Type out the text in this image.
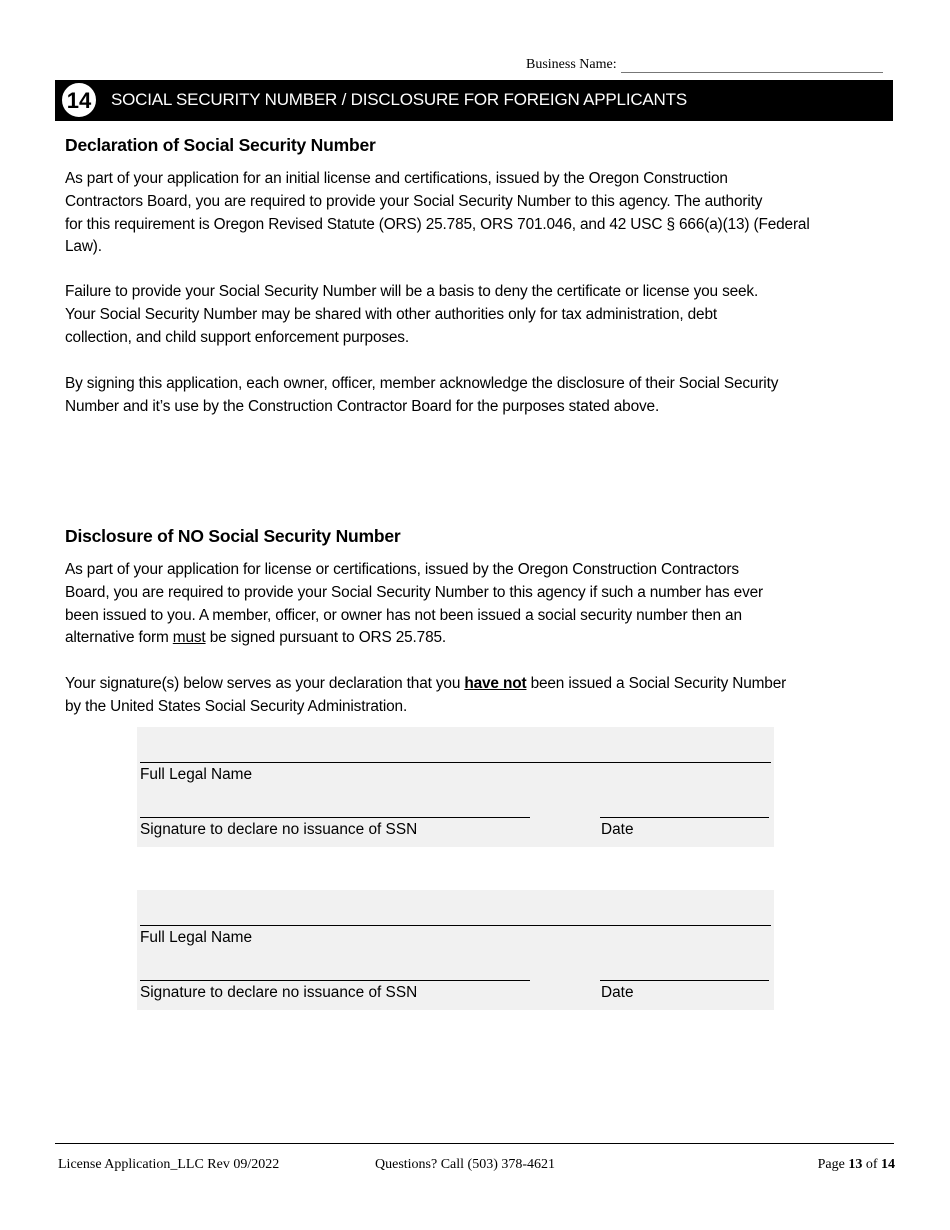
Business Name:
14	SOCIAL SECURITY NUMBER / DISCLOSURE FOR FOREIGN APPLICANTS
Declaration of Social Security Number
As part of your application for an initial license and certifications, issued by the Oregon Construction
Contractors Board, you are required to provide your Social Security Number to this agency. The authority
for this requirement is Oregon Revised Statute (ORS) 25.785, ORS 701.046, and 42 USC § 666(a)(13) (Federal
Law).
Failure to provide your Social Security Number will be a basis to deny the certificate or license you seek.
Your Social Security Number may be shared with other authorities only for tax administration, debt
collection, and child support enforcement purposes.
By signing this application, each owner, officer, member acknowledge the disclosure of their Social Security
Number and it’s use by the Construction Contractor Board for the purposes stated above.
Disclosure of NO Social Security Number
As part of your application for license or certifications, issued by the Oregon Construction Contractors
Board, you are required to provide your Social Security Number to this agency if such a number has ever
been issued to you. A member, officer, or owner has not been issued a social security number then an
alternative form must be signed pursuant to ORS 25.785.
Your signature(s) below serves as your declaration that you have not been issued a Social Security Number
by the United States Social Security Administration.
Full Legal Name
Signature to declare no issuance of SSN	Date
Full Legal Name
Signature to declare no issuance of SSN	Date
License Application_LLC Rev 09/2022	Questions? Call (503) 378-4621	Page 13 of 14
